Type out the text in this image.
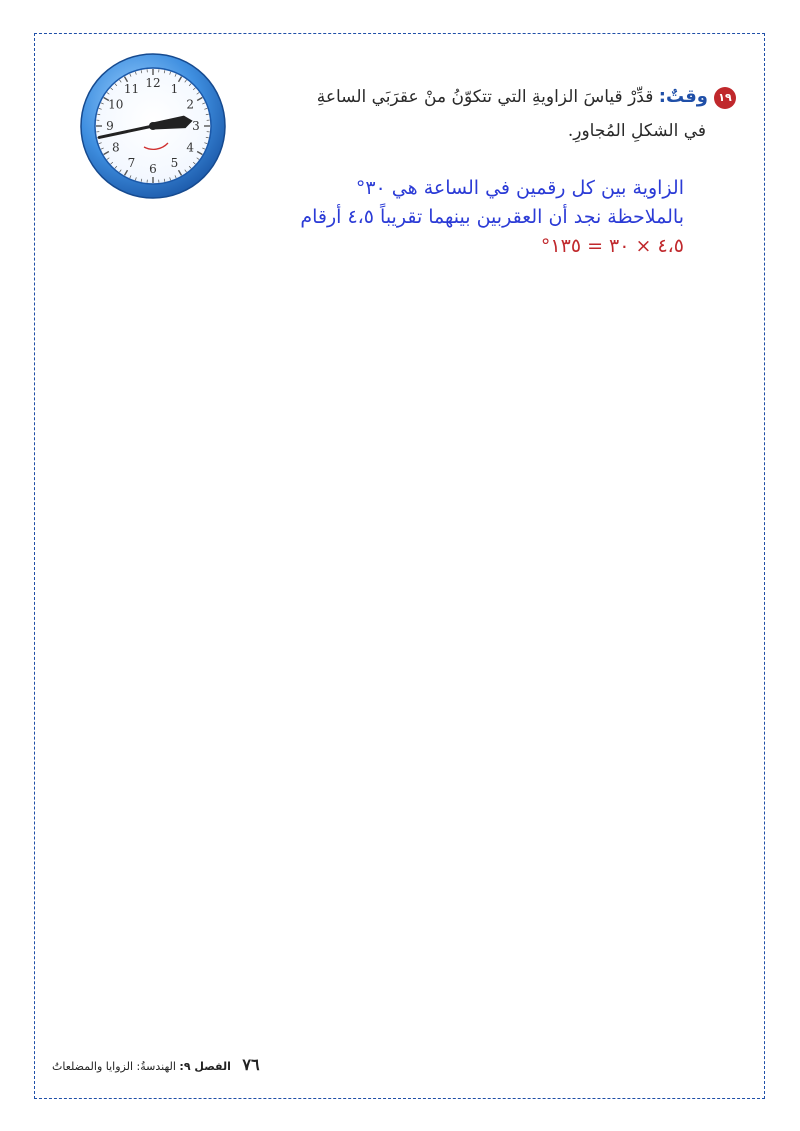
12 1
2
3
4
5
6
7
8
9
10
11
١٩وقتٌ: قدِّرْ قياسَ الزاويةِ التي تتكوّنُ منْ عقرَبَي الساعةِ
في الشكلِ المُجاورِ.
الزاوية بين كل رقمين في الساعة هي ٣٠°
بالملاحظة نجد أن العقربين بينهما تقريباً ٤،٥ أرقام
٤،٥ × ٣٠ = ١٣٥°
٧٦ الفصل ٩: الهندسةُ: الزوايا والمضلعاتُ
